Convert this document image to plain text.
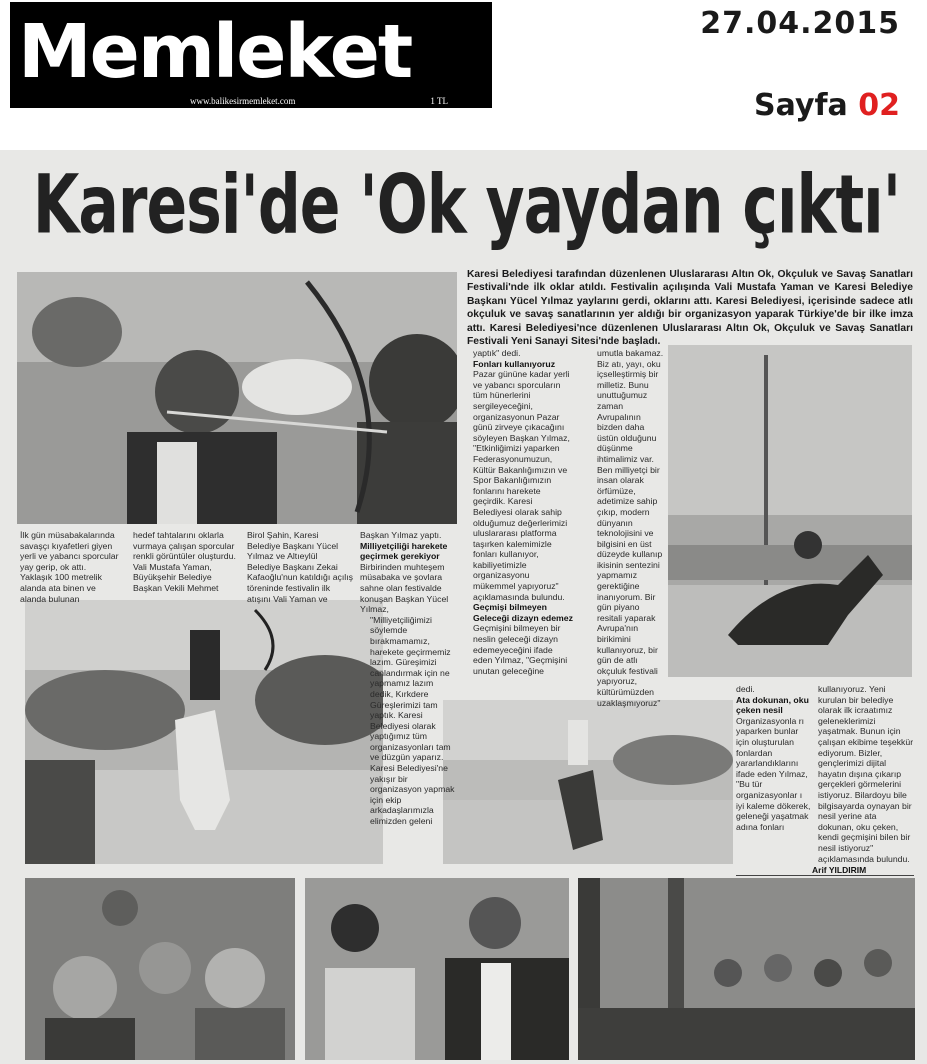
Memleket
www.balikesirmemleket.com	1 TL
27.04.2015
Sayfa 02
Karesi'de 'Ok yaydan çıktı'

Karesi Belediyesi tarafından düzenlenen Uluslararası Altın Ok, Okçuluk ve Savaş Sanatları Festivali'nde ilk oklar atıldı. Festivalin açılışında Vali Mustafa Yaman ve Karesi Belediye Başkanı Yücel Yılmaz yaylarını gerdi, oklarını attı. Karesi Belediyesi, içerisinde sadece atlı okçuluk ve savaş sanatlarının yer aldığı bir organizasyon yaparak Türkiye'de bir ilke imza attı. Karesi Belediyesi'nce düzenlenen Uluslararası Altın Ok, Okçuluk ve Savaş Sanatları Festivali Yeni Sanayi Sitesi'nde başladı.

İlk gün müsabakalarında savaşçı kıyafetleri giyen yerli ve yabancı sporcular yay gerip, ok attı. Yaklaşık 100 metrelik alanda ata binen ve alanda bulunan

hedef tahtalarını oklarla vurmaya çalışan sporcular renkli görüntüler oluşturdu. Vali Mustafa Yaman, Büyükşehir Belediye Başkan Vekili Mehmet

Birol Şahin, Karesi Belediye Başkanı Yücel Yılmaz ve Altıeylül Belediye Başkanı Zekai Kafaoğlu'nun katıldığı açılış töreninde festivalin ilk atışını Vali Yaman ve

Başkan Yılmaz yaptı.
Milliyetçiliği harekete geçirmek gerekiyor
Birbirinden muhteşem müsabaka ve şovlara sahne olan festivalde konuşan Başkan Yücel Yılmaz,
"Milliyetçiliğimizi söylemde bırakmamamız, harekete geçirmemiz lazım. Güreşimizi canlandırmak için ne yapmamız lazım dedik, Kırkdere Güreşlerimizi tam yaptık. Karesi Belediyesi olarak yaptığımız tüm organizasyonları tam ve düzgün yaparız. Karesi Belediyesi'ne yakışır bir organizasyon yapmak için ekip arkadaşlarımızla elimizden geleni
yaptık" dedi.
Fonları kullanıyoruz
Pazar gününe kadar yerli ve yabancı sporcuların tüm hünerlerini sergileyeceğini, organizasyonun Pazar günü zirveye çıkacağını söyleyen Başkan Yılmaz, "Etkinliğimizi yaparken Federasyonumuzun, Kültür Bakanlığımızın ve Spor Bakanlığımızın fonlarını harekete geçirdik. Karesi Belediyesi olarak sahip olduğumuz değerlerimizi uluslararası platforma taşırken kalemimizle fonları kullanıyor, kabiliyetimizle organizasyonu mükemmel yapıyoruz" açıklamasında bulundu.
Geçmişi bilmeyen Geleceği dizayn edemez
Geçmişini bilmeyen bir neslin geleceği dizayn edemeyeceğini ifade eden Yılmaz, "Geçmişini unutan geleceğine

umutla bakamaz. Biz atı, yayı, oku içselleştirmiş bir milletiz. Bunu unuttuğumuz zaman Avrupalının bizden daha üstün olduğunu düşünme ihtimalimiz var. Ben milliyetçi bir insan olarak örfümüze, adetimize sahip çıkıp, modern dünyanın teknolojisini ve bilgisini en üst düzeyde kullanıp ikisinin sentezini yapmamız gerektiğine inanıyorum. Bir gün piyano resitali yaparak Avrupa'nın birikimini kullanıyoruz, bir gün de atlı okçuluk festivali yapıyoruz, kültürümüzden uzaklaşmıyoruz"

dedi.
Ata dokunan, oku çeken nesil
Organizasyonla rı yaparken bunlar için oluşturulan fonlardan yararlandıklarını ifade eden Yılmaz, "Bu tür organizasyonlar ı iyi kaleme dökerek, geleneği yaşatmak adına fonları

kullanıyoruz. Yeni kurulan bir belediye olarak ilk icraatımız geleneklerimizi yaşatmak. Bunun için çalışan ekibime teşekkür ediyorum. Bizler, gençlerimizi dijital hayatın dışına çıkarıp gerçekleri görmelerini istiyoruz. Bilardoyu bile bilgisayarda oynayan bir nesil yerine ata dokunan, oku çeken, kendi geçmişini bilen bir nesil istiyoruz" açıklamasında bulundu.

Arif YILDIRIM
